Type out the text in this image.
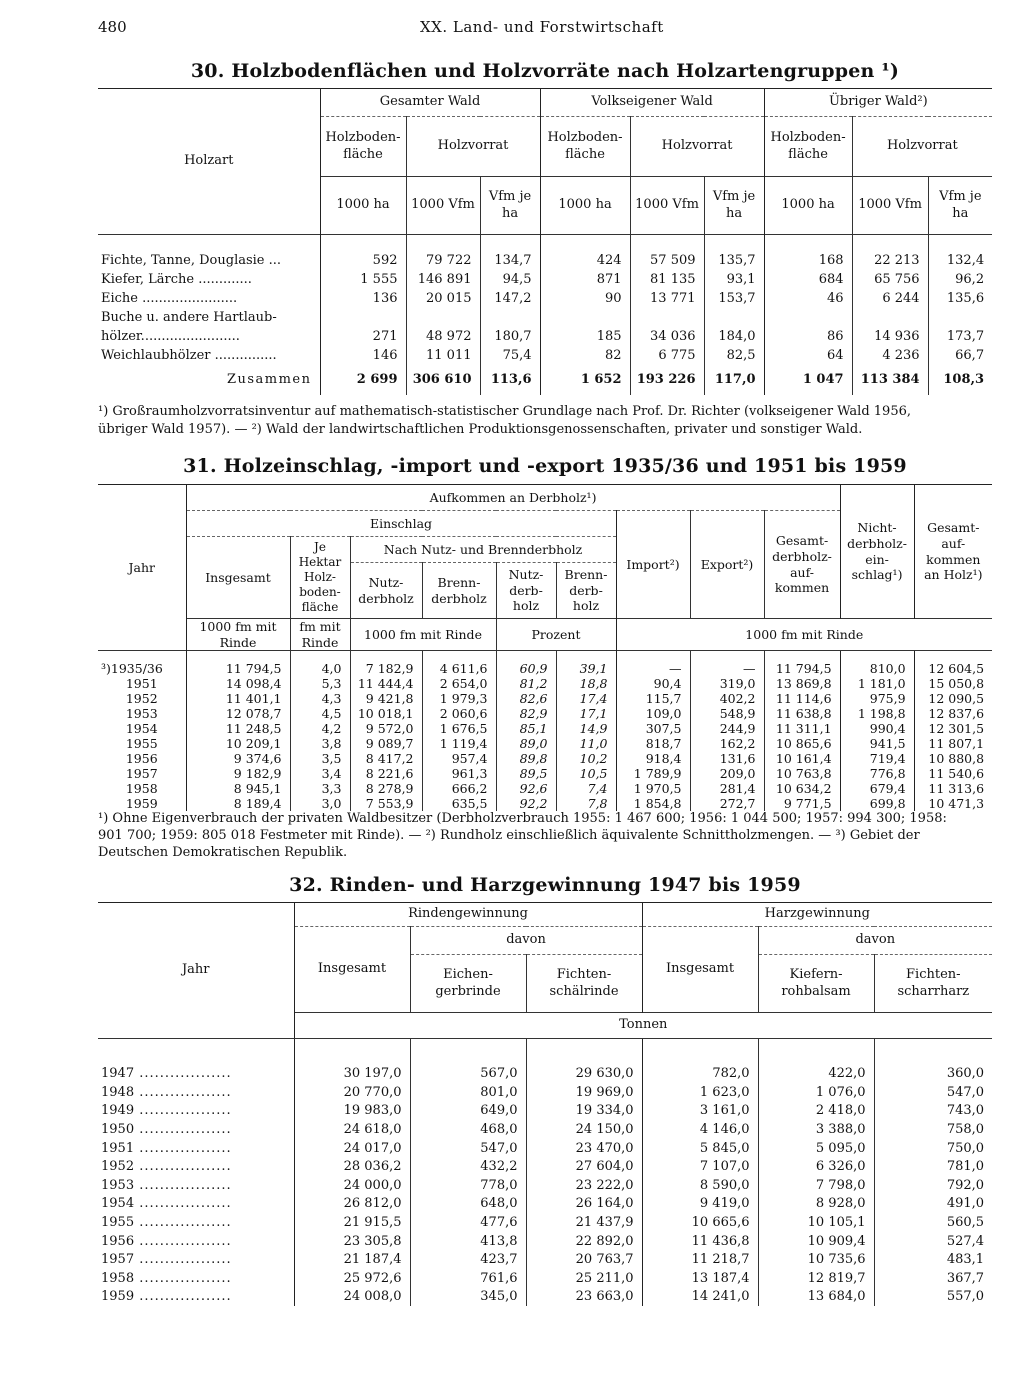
480	XX. Land- und Forstwirtschaft
30. Holzbodenflächen und Holzvorräte nach Holzartengruppen ¹)
Holzart	Gesamter Wald			Volkseigener Wald			Übriger Wald²)		
	Holzboden-fläche	Holzvorrat		Holzboden-fläche	Holzvorrat		Holzboden-fläche	Holzvorrat	
	1000 ha	1000 Vfm	Vfm je ha	1000 ha	1000 Vfm	Vfm je ha	1000 ha	1000 Vfm	Vfm je ha

Fichte, Tanne, Douglasie ...	592	79 722	134,7	424	57 509	135,7	168	22 213	132,4
Kiefer, Lärche .............	1 555	146 891	94,5	871	81 135	93,1	684	65 756	96,2
Eiche .......................	136	20 015	147,2	90	13 771	153,7	46	6 244	135,6
Buche u. andere Hartlaub-									
hölzer........................	271	48 972	180,7	185	34 036	184,0	86	14 936	173,7
Weichlaubhölzer ...............	146	11 011	75,4	82	6 775	82,5	64	4 236	66,7
Zusammen	2 699	306 610	113,6	1 652	193 226	117,0	1 047	113 384	108,3
¹) Großraumholzvorratsinventur auf mathematisch-statistischer Grundlage nach Prof. Dr. Richter (volkseigener Wald 1956,
übriger Wald 1957). — ²) Wald der landwirtschaftlichen Produktionsgenossenschaften, privater und sonstiger Wald.
31. Holzeinschlag, -import und -export 1935/36 und 1951 bis 1959
Jahr	Aufkommen an Derbholz¹)									Nicht-derbholz-ein-schlag¹)	Gesamt-auf-kommen an Holz¹)
	Einschlag						Import²)	Export²)	Gesamt-derbholz-auf-kommen		
	Insgesamt	Je Hektar Holz-boden-fläche	Nach Nutz- und Brennderbholz								
			Nutz-derbholz	Brenn-derbholz	Nutz-derb-holz	Brenn-derb-holz					
	1000 fm mit Rinde	fm mit Rinde	1000 fm mit Rinde		Prozent		1000 fm mit Rinde				

³)1935/36	11 794,5	4,0	7 182,9	4 611,6	60,9	39,1	—	—	11 794,5	810,0	12 604,5
1951	14 098,4	5,3	11 444,4	2 654,0	81,2	18,8	90,4	319,0	13 869,8	1 181,0	15 050,8
1952	11 401,1	4,3	9 421,8	1 979,3	82,6	17,4	115,7	402,2	11 114,6	975,9	12 090,5
1953	12 078,7	4,5	10 018,1	2 060,6	82,9	17,1	109,0	548,9	11 638,8	1 198,8	12 837,6
1954	11 248,5	4,2	9 572,0	1 676,5	85,1	14,9	307,5	244,9	11 311,1	990,4	12 301,5
1955	10 209,1	3,8	9 089,7	1 119,4	89,0	11,0	818,7	162,2	10 865,6	941,5	11 807,1
1956	9 374,6	3,5	8 417,2	957,4	89,8	10,2	918,4	131,6	10 161,4	719,4	10 880,8
1957	9 182,9	3,4	8 221,6	961,3	89,5	10,5	1 789,9	209,0	10 763,8	776,8	11 540,6
1958	8 945,1	3,3	8 278,9	666,2	92,6	7,4	1 970,5	281,4	10 634,2	679,4	11 313,6
1959	8 189,4	3,0	7 553,9	635,5	92,2	7,8	1 854,8	272,7	9 771,5	699,8	10 471,3
¹) Ohne Eigenverbrauch der privaten Waldbesitzer (Derbholzverbrauch 1955: 1 467 600; 1956: 1 044 500; 1957: 994 300; 1958:
901 700; 1959: 805 018 Festmeter mit Rinde). — ²) Rundholz einschließlich äquivalente Schnittholzmengen. — ³) Gebiet der
Deutschen Demokratischen Republik.
32. Rinden- und Harzgewinnung 1947 bis 1959
Jahr	Rindengewinnung			Harzgewinnung		
	Insgesamt	davon		Insgesamt	davon	
		Eichen-gerbrinde	Fichten-schälrinde		Kiefern-rohbalsam	Fichten-scharrharz
	Tonnen					

1947 ..................	30 197,0	567,0	29 630,0	782,0	422,0	360,0
1948 ..................	20 770,0	801,0	19 969,0	1 623,0	1 076,0	547,0
1949 ..................	19 983,0	649,0	19 334,0	3 161,0	2 418,0	743,0
1950 ..................	24 618,0	468,0	24 150,0	4 146,0	3 388,0	758,0
1951 ..................	24 017,0	547,0	23 470,0	5 845,0	5 095,0	750,0
1952 ..................	28 036,2	432,2	27 604,0	7 107,0	6 326,0	781,0
1953 ..................	24 000,0	778,0	23 222,0	8 590,0	7 798,0	792,0
1954 ..................	26 812,0	648,0	26 164,0	9 419,0	8 928,0	491,0
1955 ..................	21 915,5	477,6	21 437,9	10 665,6	10 105,1	560,5
1956 ..................	23 305,8	413,8	22 892,0	11 436,8	10 909,4	527,4
1957 ..................	21 187,4	423,7	20 763,7	11 218,7	10 735,6	483,1
1958 ..................	25 972,6	761,6	25 211,0	13 187,4	12 819,7	367,7
1959 ..................	24 008,0	345,0	23 663,0	14 241,0	13 684,0	557,0
